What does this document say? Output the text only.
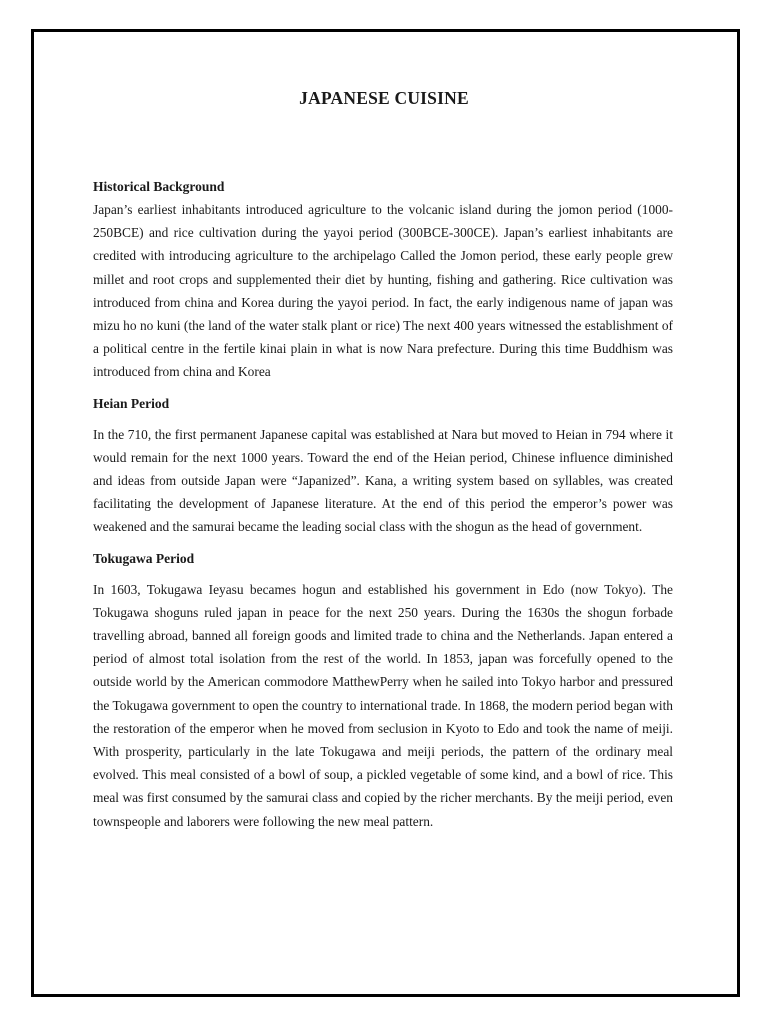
JAPANESE CUISINE

Historical Background

Japan’s earliest inhabitants introduced agriculture to the volcanic island during the jomon period (1000-250BCE) and rice cultivation during the yayoi period (300BCE-300CE). Japan’s earliest inhabitants are credited with introducing agriculture to the archipelago Called the Jomon period, these early people grew millet and root crops and supplemented their diet by hunting, fishing and gathering. Rice cultivation was introduced from china and Korea during the yayoi period. In fact, the early indigenous name of japan was mizu ho no kuni (the land of the water stalk plant or rice) The next 400 years witnessed the establishment of a political centre in the fertile kinai plain in what is now Nara prefecture. During this time Buddhism was introduced from china and Korea

Heian Period

In the 710, the first permanent Japanese capital was established at Nara but moved to Heian in 794 where it would remain for the next 1000 years. Toward the end of the Heian period, Chinese influence diminished and ideas from outside Japan were “Japanized”. Kana, a writing system based on syllables, was created facilitating the development of Japanese literature. At the end of this period the emperor’s power was weakened and the samurai became the leading social class with the shogun as the head of government.

Tokugawa Period

In 1603, Tokugawa Ieyasu becames hogun and established his government in Edo (now Tokyo). The Tokugawa shoguns ruled japan in peace for the next 250 years. During the 1630s the shogun forbade travelling abroad, banned all foreign goods and limited trade to china and the Netherlands. Japan entered a period of almost total isolation from the rest of the world. In 1853, japan was forcefully opened to the outside world by the American commodore MatthewPerry when he sailed into Tokyo harbor and pressured the Tokugawa government to open the country to international trade. In 1868, the modern period began with the restoration of the emperor when he moved from seclusion in Kyoto to Edo and took the name of meiji. With prosperity, particularly in the late Tokugawa and meiji periods, the pattern of the ordinary meal evolved. This meal consisted of a bowl of soup, a pickled vegetable of some kind, and a bowl of rice. This meal was first consumed by the samurai class and copied by the richer merchants. By the meiji period, even townspeople and laborers were following the new meal pattern.
